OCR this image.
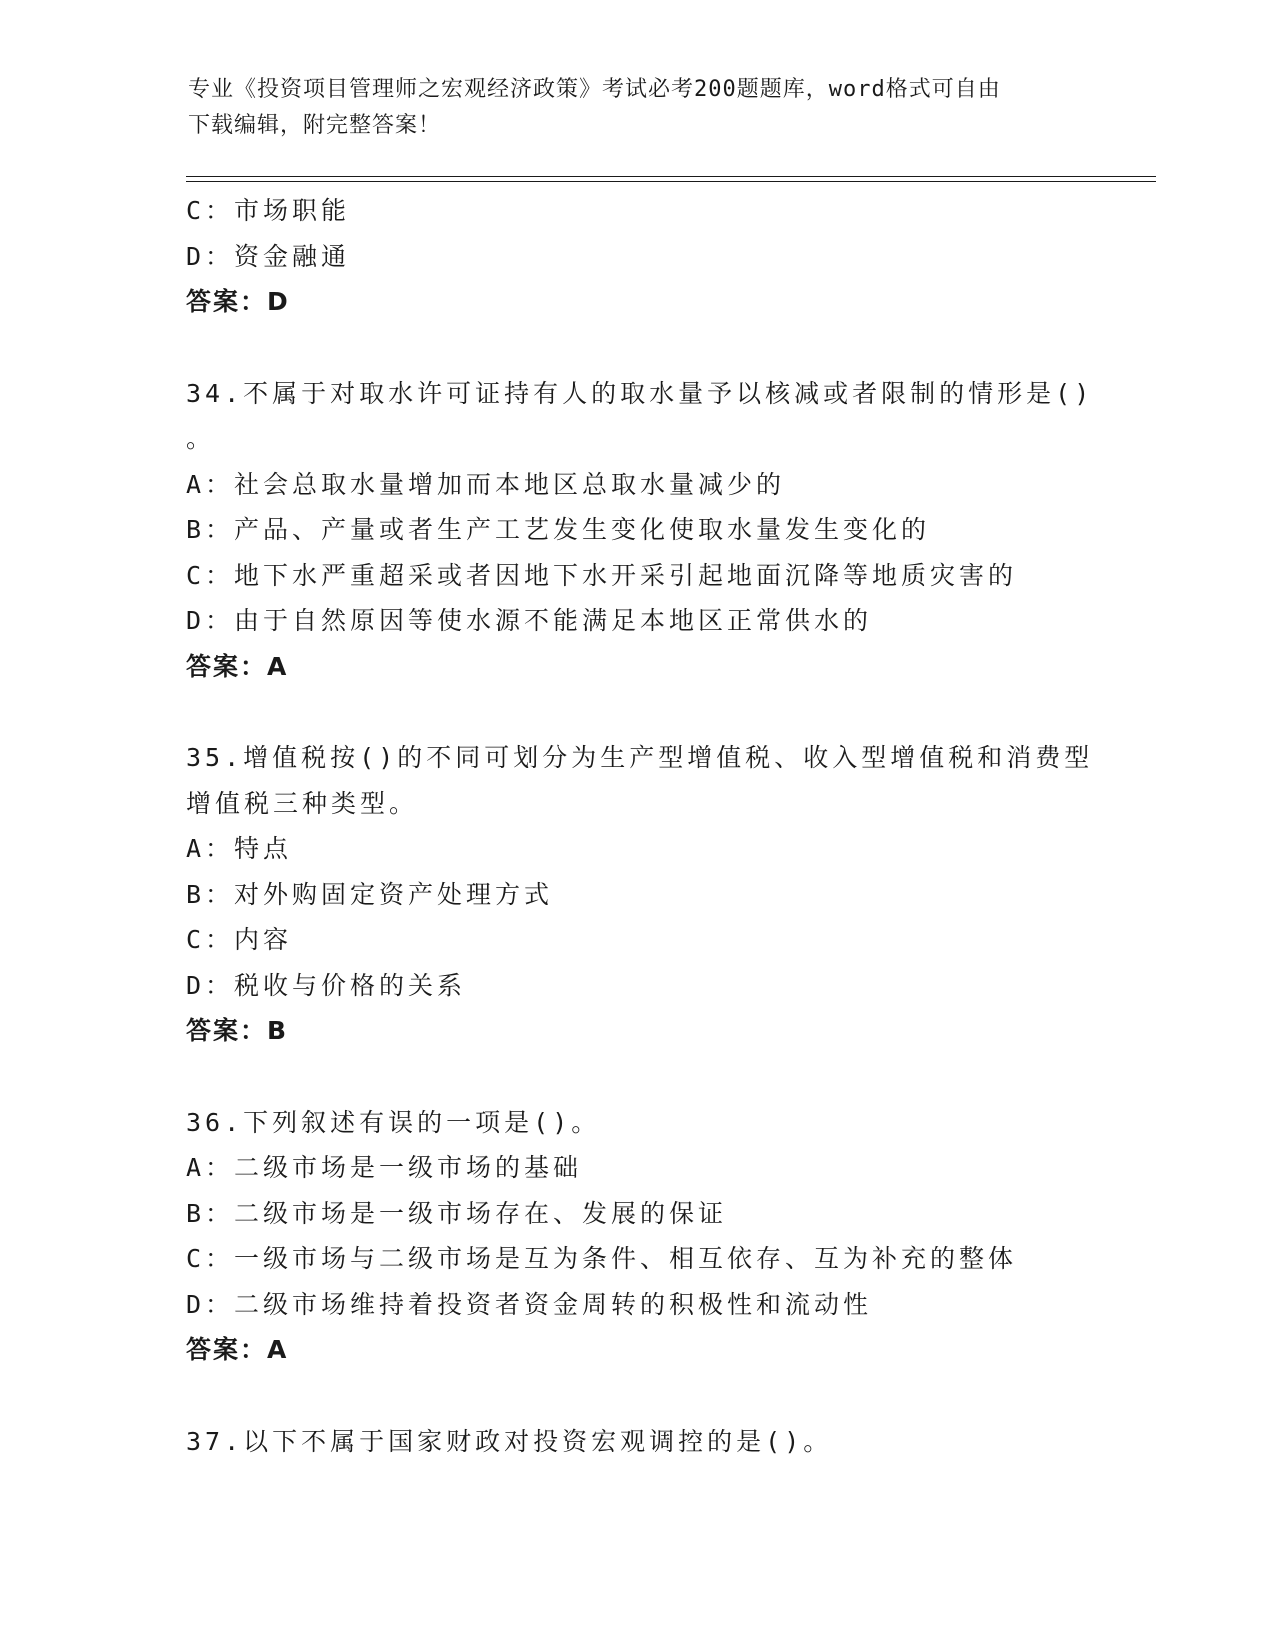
专业《投资项目管理师之宏观经济政策》考试必考200题题库，word格式可自由
下载编辑，附完整答案！
C：市场职能
D：资金融通
答案：D
34.不属于对取水许可证持有人的取水量予以核减或者限制的情形是()
。
A：社会总取水量增加而本地区总取水量减少的
B：产品、产量或者生产工艺发生变化使取水量发生变化的
C：地下水严重超采或者因地下水开采引起地面沉降等地质灾害的
D：由于自然原因等使水源不能满足本地区正常供水的
答案：A
35.增值税按()的不同可划分为生产型增值税、收入型增值税和消费型
增值税三种类型。
A：特点
B：对外购固定资产处理方式
C：内容
D：税收与价格的关系
答案：B
36.下列叙述有误的一项是()。
A：二级市场是一级市场的基础
B：二级市场是一级市场存在、发展的保证
C：一级市场与二级市场是互为条件、相互依存、互为补充的整体
D：二级市场维持着投资者资金周转的积极性和流动性
答案：A
37.以下不属于国家财政对投资宏观调控的是()。
